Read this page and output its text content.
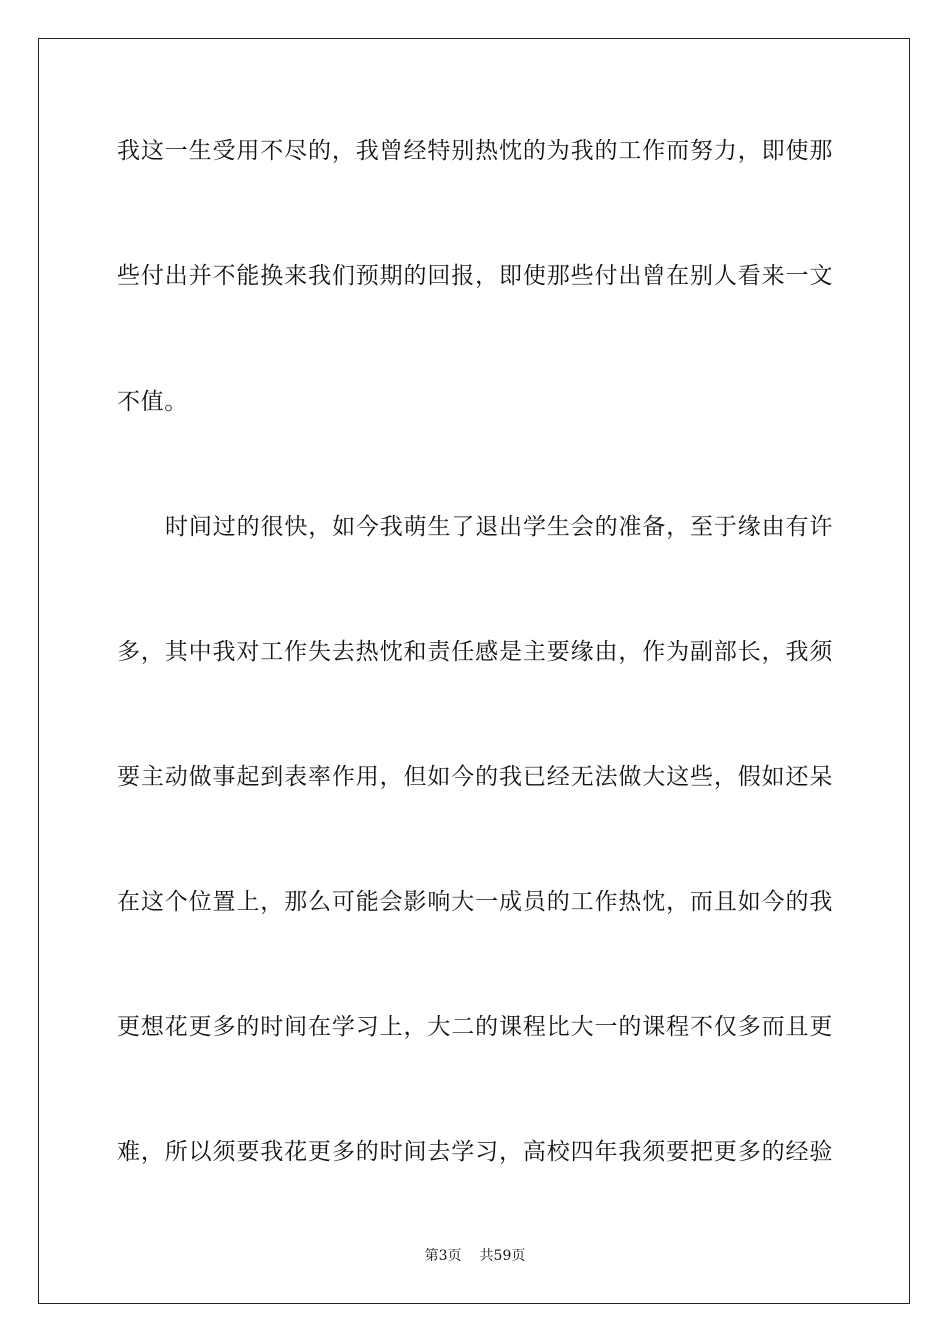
我这一生受用不尽的，我曾经特别热忱的为我的工作而努力，即使那
些付出并不能换来我们预期的回报，即使那些付出曾在别人看来一文
不值。
时间过的很快，如今我萌生了退出学生会的准备，至于缘由有许
多，其中我对工作失去热忱和责任感是主要缘由，作为副部长，我须
要主动做事起到表率作用，但如今的我已经无法做大这些，假如还呆
在这个位置上，那么可能会影响大一成员的工作热忱，而且如今的我
更想花更多的时间在学习上，大二的课程比大一的课程不仅多而且更
难，所以须要我花更多的时间去学习，高校四年我须要把更多的经验
第3页 共59页
